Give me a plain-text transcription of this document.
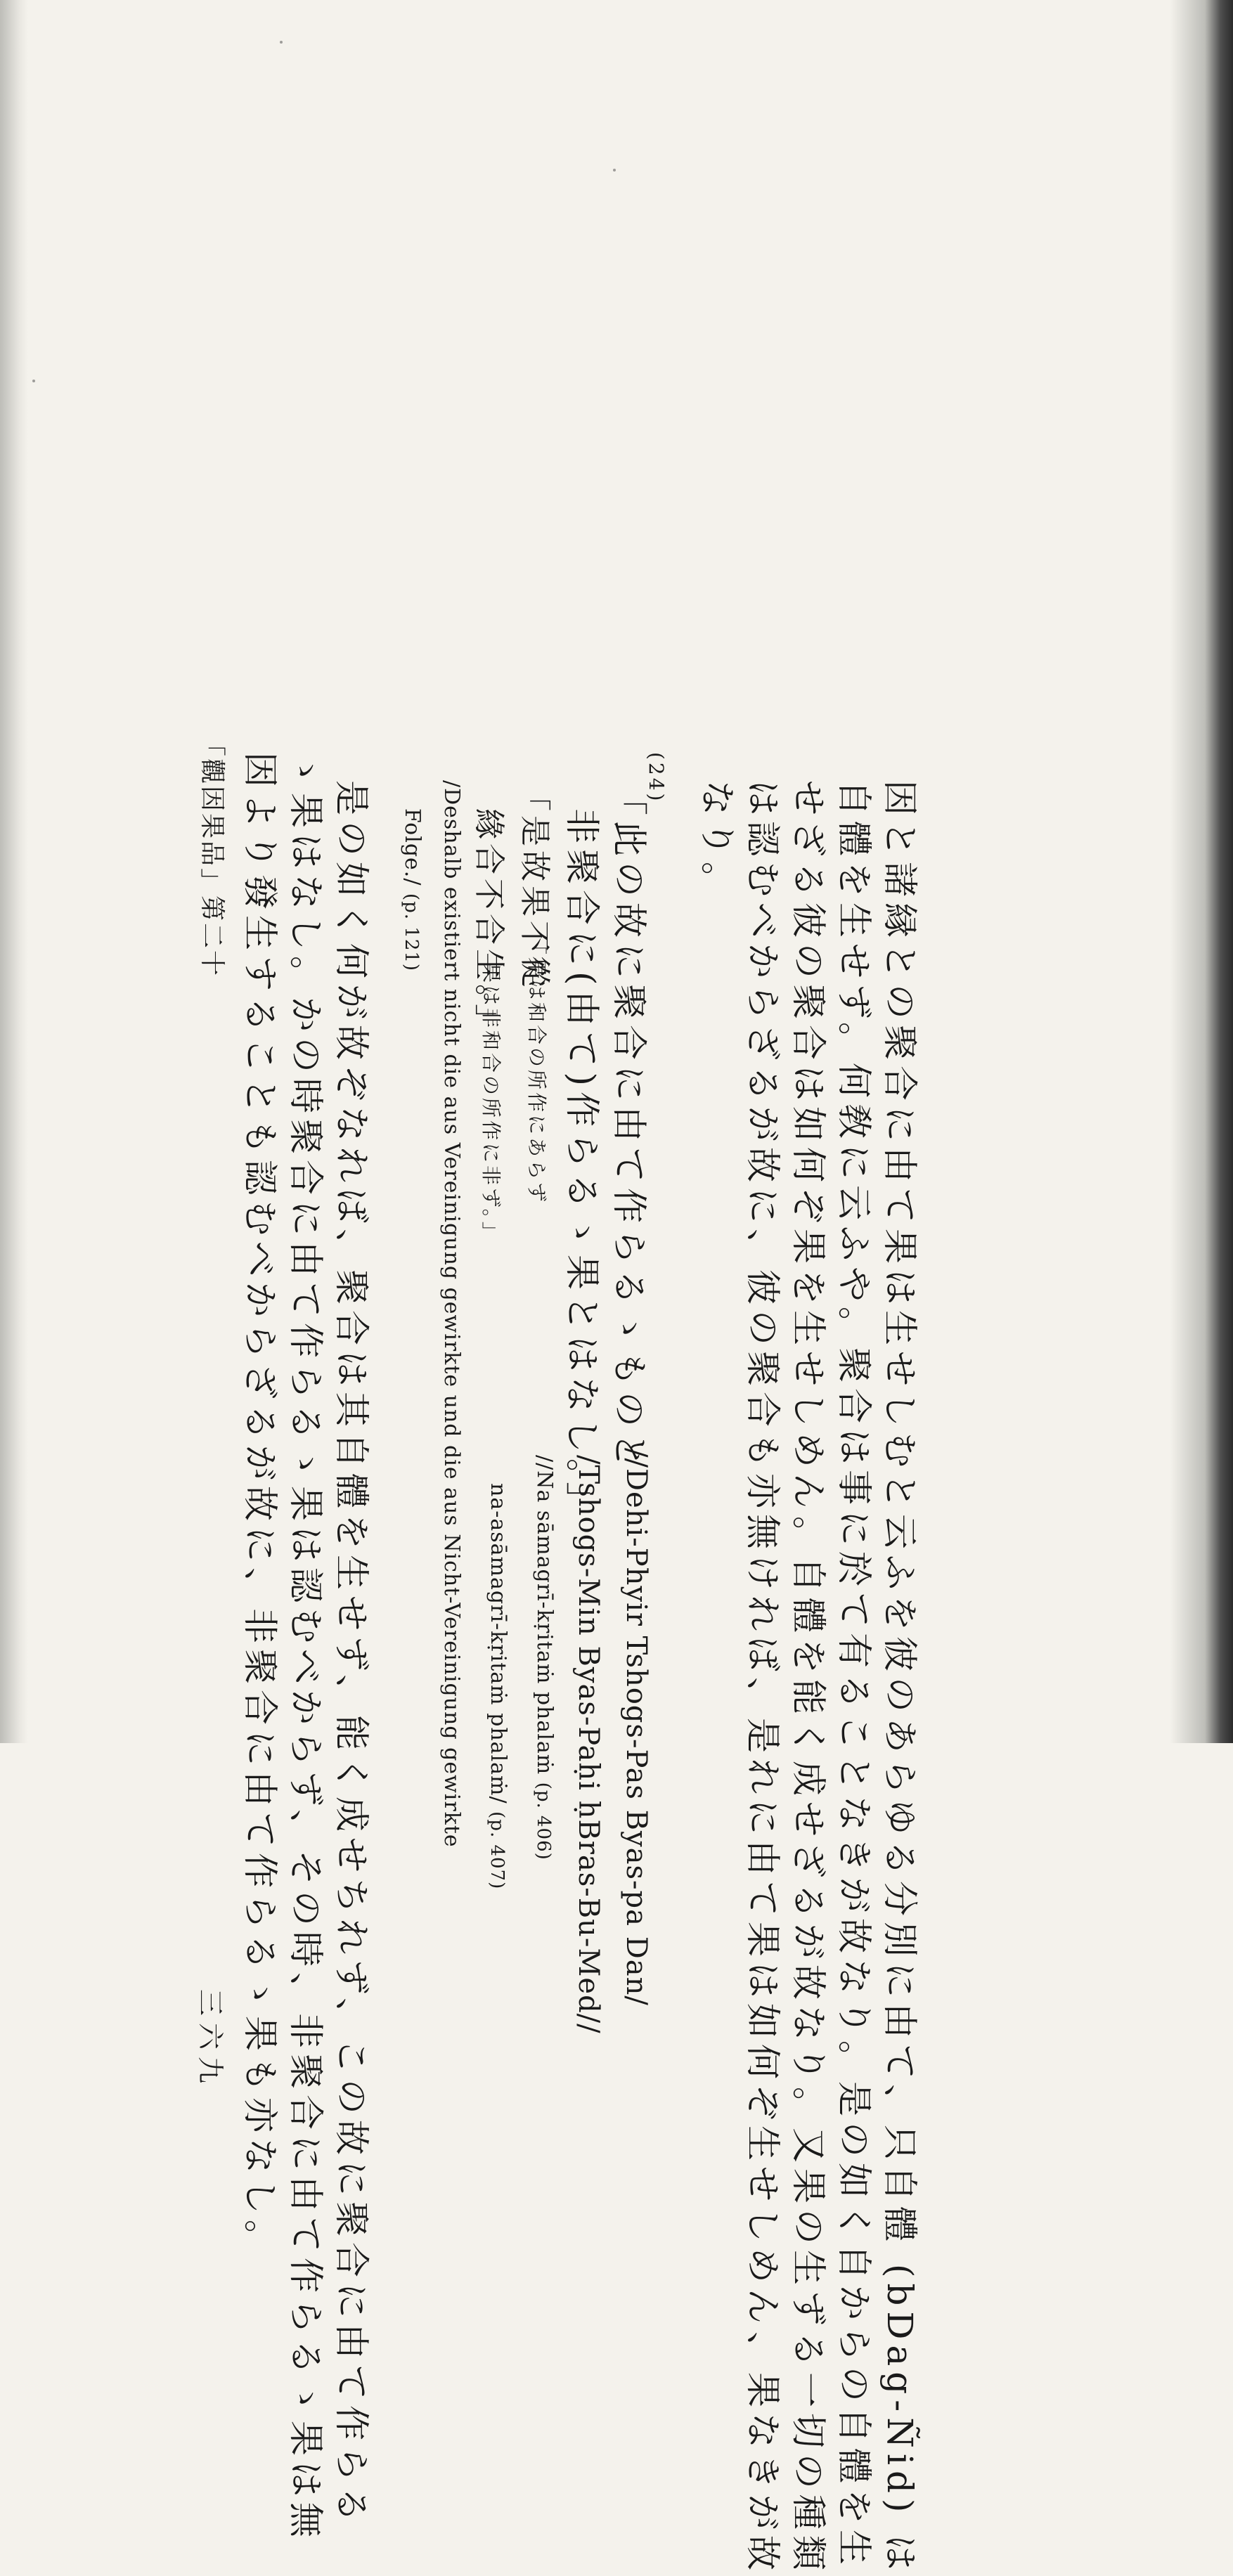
因と諸縁との聚合に由て果は生せしむと云ふを彼のあらゆる分別に由て、只自體 (bDag-Ñid) は
自體を生せず。何敎に云ふや。聚合は事に於て有ることなきが故なり。是の如く自からの自體を生
せざる彼の聚合は如何ぞ果を生せしめん。自體を能く成せざるが故なり。又果の生ずる一切の種類
は認むべからざるが故に、彼の聚合も亦無ければ、是れに由て果は如何ぞ生せしめん、果なきが故
なり。
(24)
「此の故に聚合に由て作らるゝものと
//Dehi-Phyir Tshogs-Pas Byas-pa Dan/
非聚合に(由て)作らるゝ果とはなし。」
/Tshogs-Min Byas-Paḥi ḥBras-Bu-Med//
「是故果不從
「果は和合の所作にあらず
//Na sāmagrī-kṛitaṁ phalaṁ (p. 406)
緣合不合生。」
果は非和合の所作に非ず。」
na-asāmagrī-kṛitaṁ phalaṁ/ (p. 407)
/Deshalb existiert nicht die aus Vereinigung gewirkte und die aus Nicht-Vereinigung gewirkte
Folge./ (p. 121)
是の如く何が故ぞなれば、聚合は其自體を生せず、能く成せちれず、この故に聚合に由て作らる
ゝ果はなし。かの時聚合に由て作らるゝ果は認むべからず、その時、非聚合に由て作らるゝ果は無
因より發生することも認むべからざるが故に、非聚合に由て作らるゝ果も亦なし。
「觀因果品」第二十
三六九
